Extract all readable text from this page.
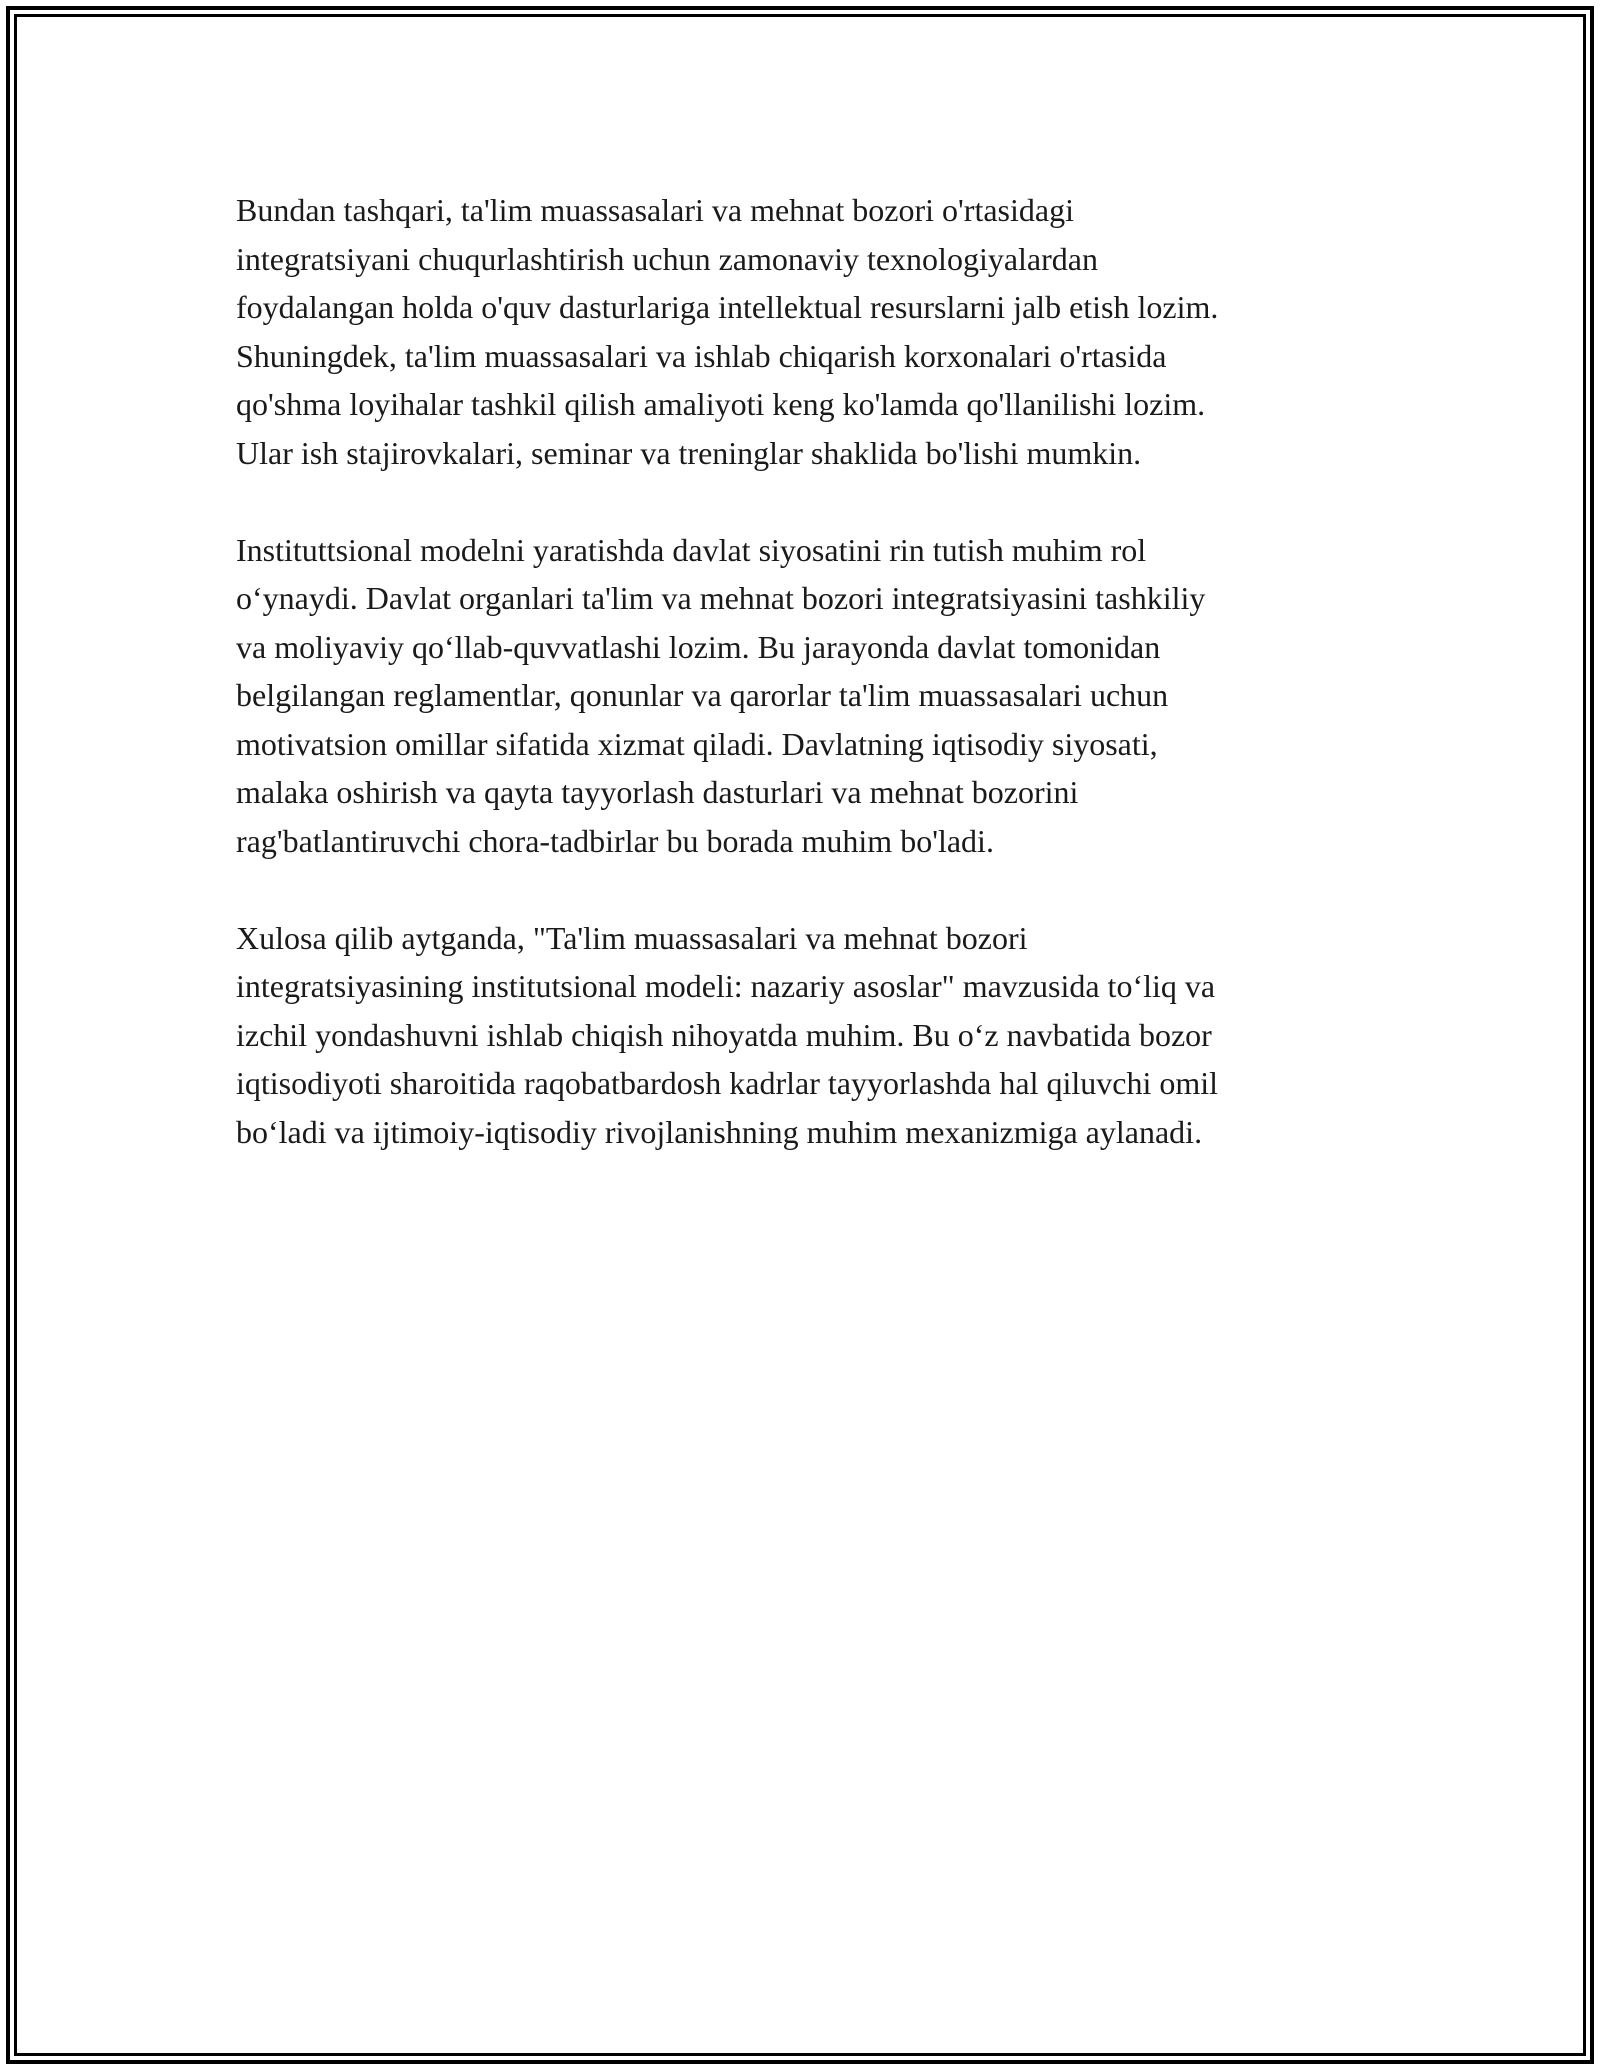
Bundan tashqari, ta'lim muassasalari va mehnat bozori o'rtasidagi
integratsiyani chuqurlashtirish uchun zamonaviy texnologiyalardan
foydalangan holda o'quv dasturlariga intellektual resurslarni jalb etish lozim.
Shuningdek, ta'lim muassasalari va ishlab chiqarish korxonalari o'rtasida
qo'shma loyihalar tashkil qilish amaliyoti keng ko'lamda qo'llanilishi lozim.
Ular ish stajirovkalari, seminar va treninglar shaklida bo'lishi mumkin.

Instituttsional modelni yaratishda davlat siyosatini rin tutish muhim rol
o‘ynaydi. Davlat organlari ta'lim va mehnat bozori integratsiyasini tashkiliy
va moliyaviy qo‘llab-quvvatlashi lozim. Bu jarayonda davlat tomonidan
belgilangan reglamentlar, qonunlar va qarorlar ta'lim muassasalari uchun
motivatsion omillar sifatida xizmat qiladi. Davlatning iqtisodiy siyosati,
malaka oshirish va qayta tayyorlash dasturlari va mehnat bozorini
rag'batlantiruvchi chora-tadbirlar bu borada muhim bo'ladi.

Xulosa qilib aytganda, "Ta'lim muassasalari va mehnat bozori
integratsiyasining institutsional modeli: nazariy asoslar" mavzusida to‘liq va
izchil yondashuvni ishlab chiqish nihoyatda muhim. Bu o‘z navbatida bozor
iqtisodiyoti sharoitida raqobatbardosh kadrlar tayyorlashda hal qiluvchi omil
bo‘ladi va ijtimoiy-iqtisodiy rivojlanishning muhim mexanizmiga aylanadi.
